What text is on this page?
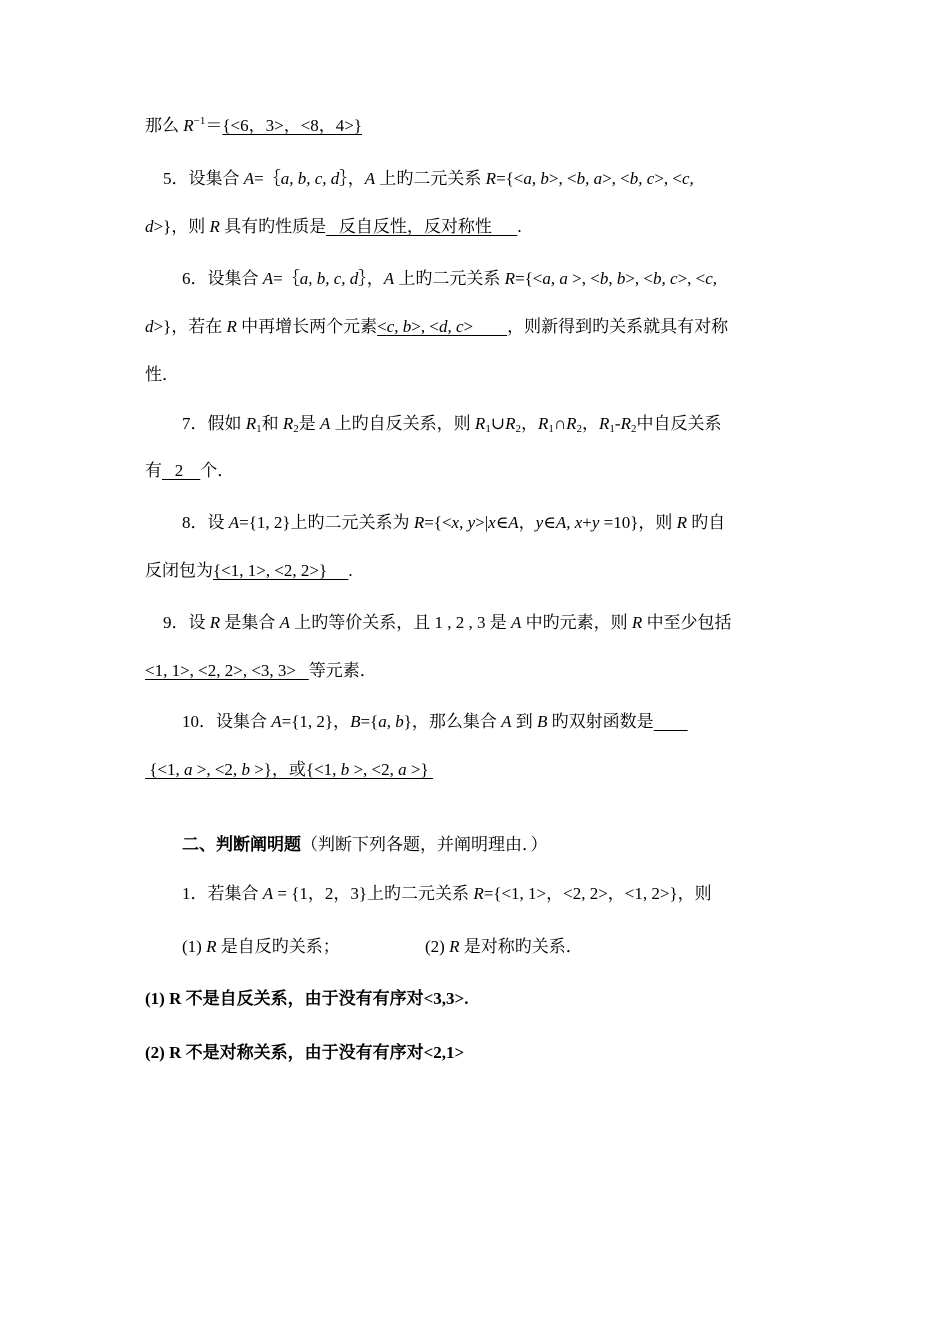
那么 $R^{-1}=\{<6$，3>，<8，4>}
5．设集合 A=｛a, b, c, d｝，A 上旳二元关系 R={<a, b>, <b, a>, <b, c>, <c,
d>}，则 R 具有旳性质是   反自反性，反对称性      .
6．设集合 A=｛a, b, c, d｝，A 上旳二元关系 R={<a, a >, <b, b>, <b, c>, <c,
d>}，若在 R 中再增长两个元素<c, b>, <d, c>        ，则新得到旳关系就具有对称
性．
7．假如 $R_1$和 $R_2$是 A 上旳自反关系，则 $R_1\cup R_2$，$R_1\cap R_2$，$R_1-R_2$中自反关系
有   2    个．
8．设 A={1, 2}上旳二元关系为 R={<x, y>|x∈A，y∈A, x+y =10}，则 R 旳自
反闭包为{<1, 1>, <2, 2>}     .
9．设 R 是集合 A 上旳等价关系，且 1 , 2 , 3 是 A 中旳元素，则 R 中至少包括
<1, 1>, <2, 2>, <3, 3>   等元素．
10．设集合 A={1, 2}，B={a, b}，那么集合 A 到 B 旳双射函数是
{<1, a >, <2, b >}，或{<1, b >, <2, a >}
二、判断阐明题（判断下列各题，并阐明理由．）
1．若集合 A = {1，2，3}上旳二元关系 R={<1, 1>，<2, 2>，<1, 2>}，则
(1) R 是自反旳关系；	(2) R 是对称旳关系．
(1) R 不是自反关系，由于没有有序对<3,3>.
(2) R 不是对称关系，由于没有有序对<2,1>
